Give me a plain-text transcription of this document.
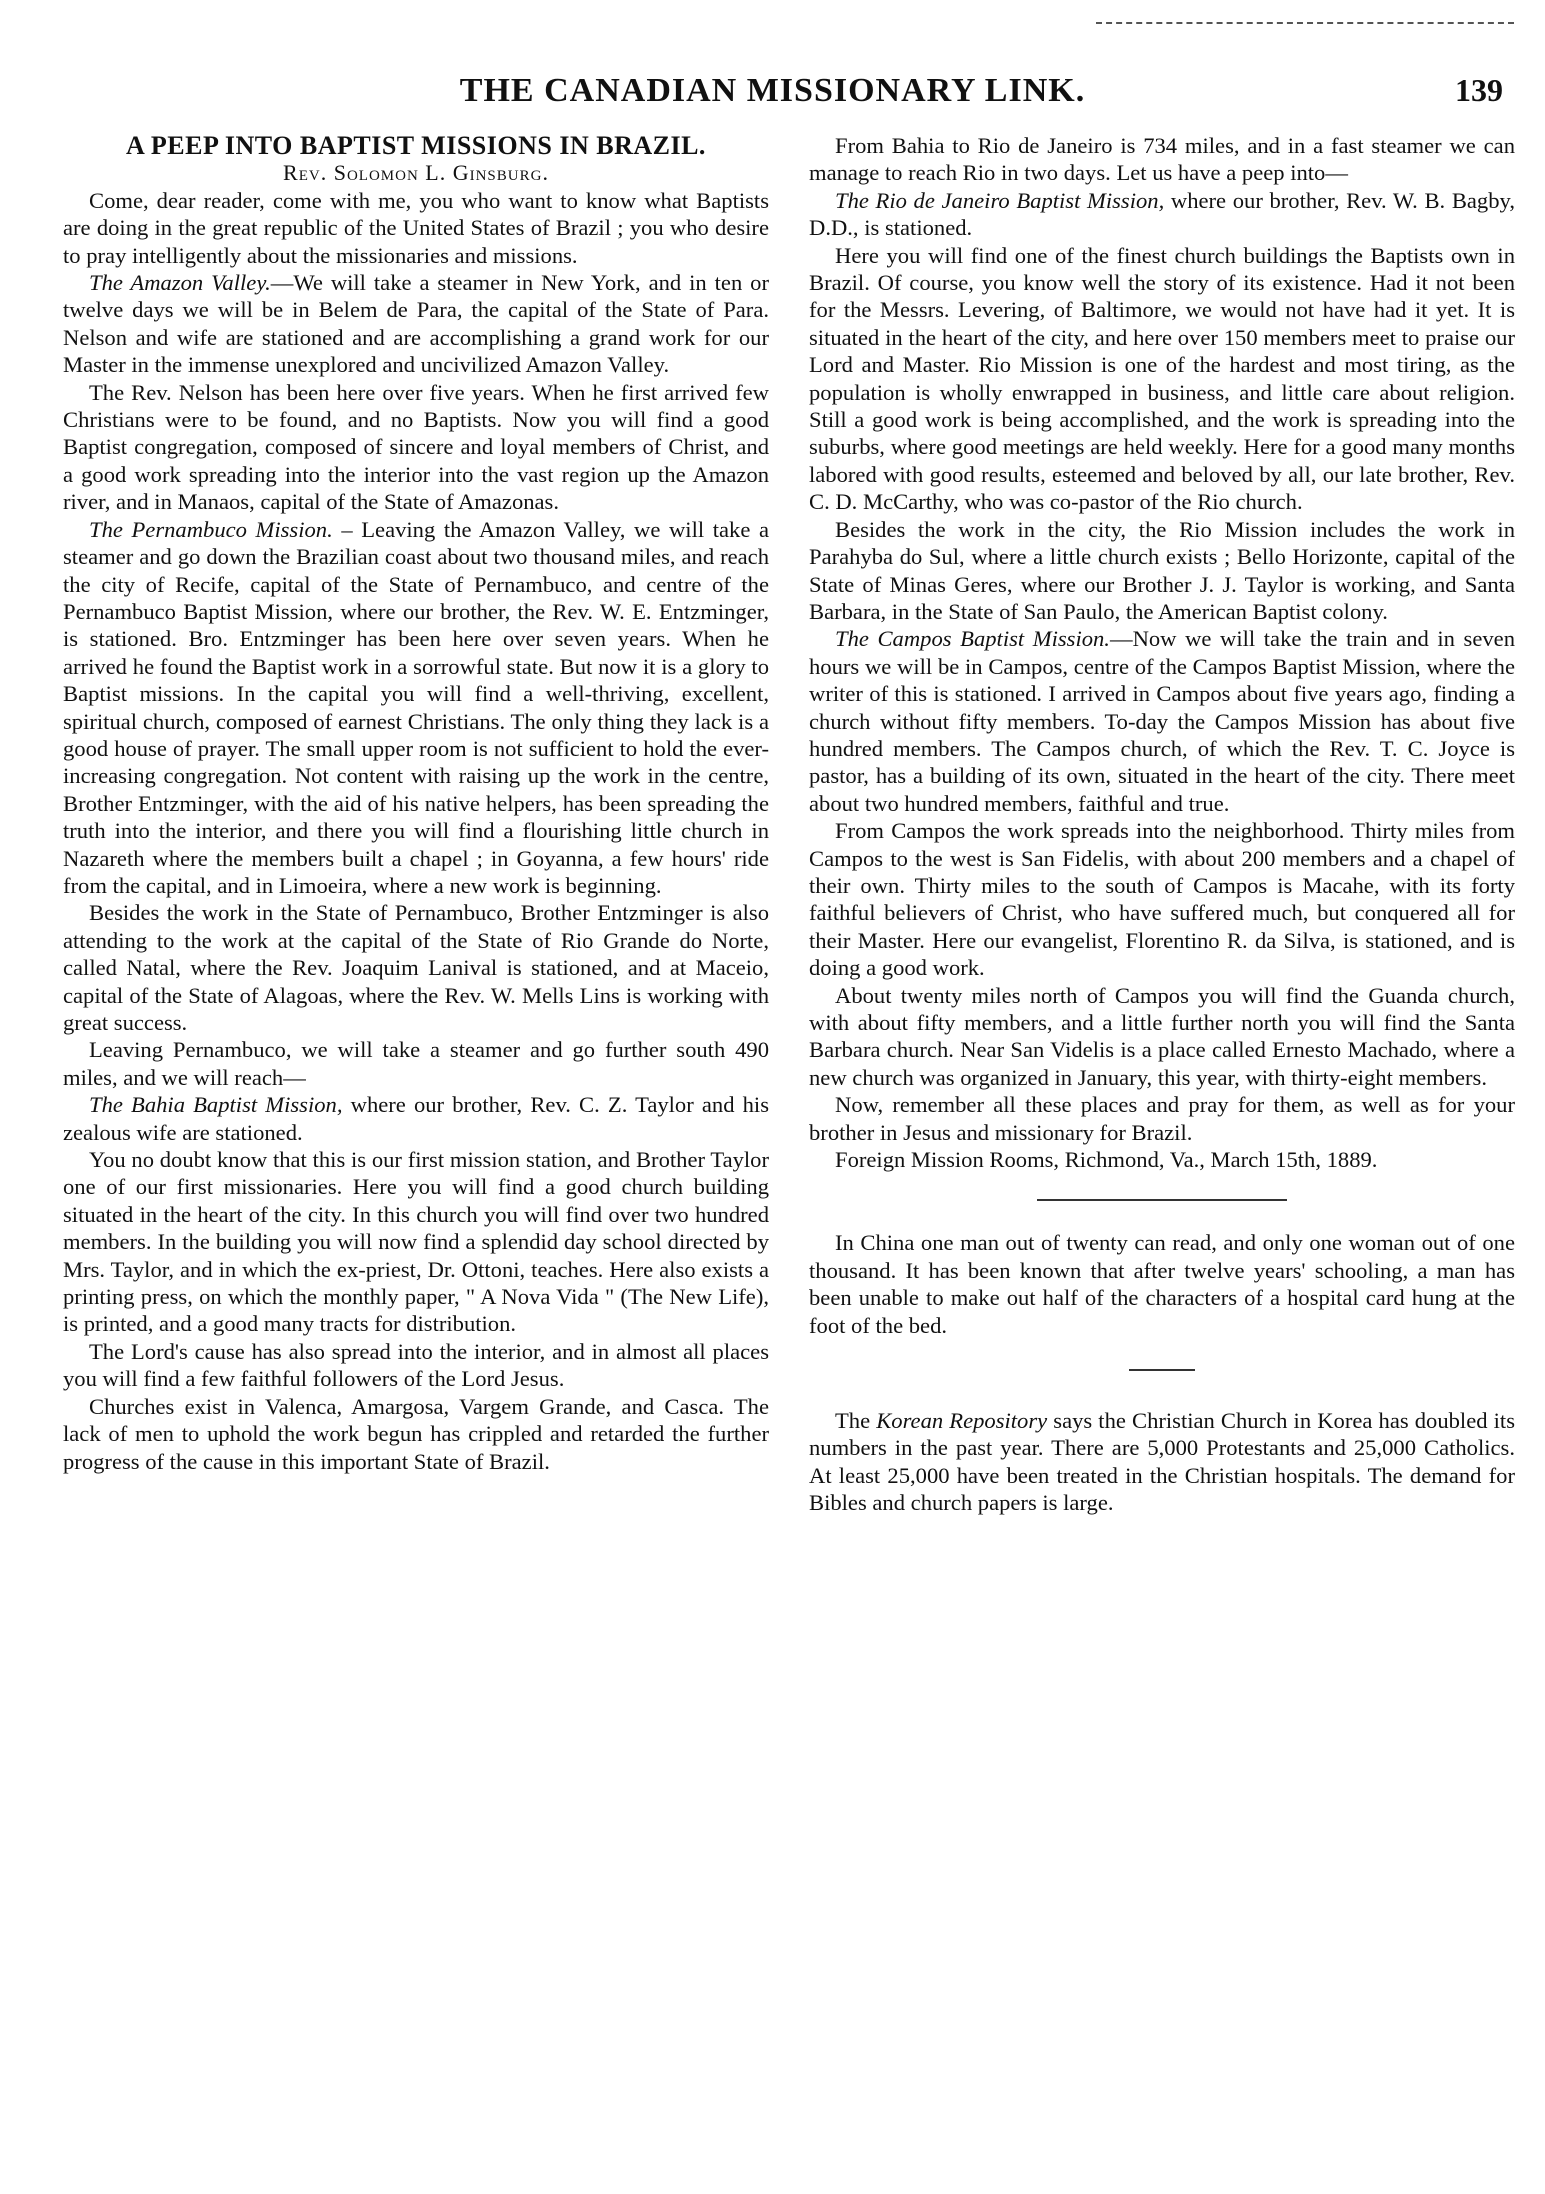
THE CANADIAN MISSIONARY LINK.	139

A PEEP INTO BAPTIST MISSIONS IN BRAZIL.

Rev. Solomon L. Ginsburg.

Come, dear reader, come with me, you who want to know what Baptists are doing in the great republic of the United States of Brazil ; you who desire to pray intelligently about the missionaries and missions.

The Amazon Valley.—We will take a steamer in New York, and in ten or twelve days we will be in Belem de Para, the capital of the State of Para. Nelson and wife are stationed and are accomplishing a grand work for our Master in the immense unexplored and uncivilized Amazon Valley.

The Rev. Nelson has been here over five years. When he first arrived few Christians were to be found, and no Baptists. Now you will find a good Baptist congregation, composed of sincere and loyal members of Christ, and a good work spreading into the interior into the vast region up the Amazon river, and in Manaos, capital of the State of Amazonas.

The Pernambuco Mission. – Leaving the Amazon Valley, we will take a steamer and go down the Brazilian coast about two thousand miles, and reach the city of Recife, capital of the State of Pernambuco, and centre of the Pernambuco Baptist Mission, where our brother, the Rev. W. E. Entzminger, is stationed. Bro. Entzminger has been here over seven years. When he arrived he found the Baptist work in a sorrowful state. But now it is a glory to Baptist missions. In the capital you will find a well-thriving, excellent, spiritual church, composed of earnest Christians. The only thing they lack is a good house of prayer. The small upper room is not sufficient to hold the ever-increasing congregation. Not content with raising up the work in the centre, Brother Entzminger, with the aid of his native helpers, has been spreading the truth into the interior, and there you will find a flourishing little church in Nazareth where the members built a chapel ; in Goyanna, a few hours' ride from the capital, and in Limoeira, where a new work is beginning.

Besides the work in the State of Pernambuco, Brother Entzminger is also attending to the work at the capital of the State of Rio Grande do Norte, called Natal, where the Rev. Joaquim Lanival is stationed, and at Maceio, capital of the State of Alagoas, where the Rev. W. Mells Lins is working with great success.

Leaving Pernambuco, we will take a steamer and go further south 490 miles, and we will reach—

The Bahia Baptist Mission, where our brother, Rev. C. Z. Taylor and his zealous wife are stationed.

You no doubt know that this is our first mission station, and Brother Taylor one of our first missionaries. Here you will find a good church building situated in the heart of the city. In this church you will find over two hundred members. In the building you will now find a splendid day school directed by Mrs. Taylor, and in which the ex-priest, Dr. Ottoni, teaches. Here also exists a printing press, on which the monthly paper, " A Nova Vida " (The New Life), is printed, and a good many tracts for distribution.

The Lord's cause has also spread into the interior, and in almost all places you will find a few faithful followers of the Lord Jesus.

Churches exist in Valenca, Amargosa, Vargem Grande, and Casca. The lack of men to uphold the work begun has crippled and retarded the further progress of the cause in this important State of Brazil.

From Bahia to Rio de Janeiro is 734 miles, and in a fast steamer we can manage to reach Rio in two days. Let us have a peep into—

The Rio de Janeiro Baptist Mission, where our brother, Rev. W. B. Bagby, D.D., is stationed.

Here you will find one of the finest church buildings the Baptists own in Brazil. Of course, you know well the story of its existence. Had it not been for the Messrs. Levering, of Baltimore, we would not have had it yet. It is situated in the heart of the city, and here over 150 members meet to praise our Lord and Master. Rio Mission is one of the hardest and most tiring, as the population is wholly enwrapped in business, and little care about religion. Still a good work is being accomplished, and the work is spreading into the suburbs, where good meetings are held weekly. Here for a good many months labored with good results, esteemed and beloved by all, our late brother, Rev. C. D. McCarthy, who was co-pastor of the Rio church.

Besides the work in the city, the Rio Mission includes the work in Parahyba do Sul, where a little church exists ; Bello Horizonte, capital of the State of Minas Geres, where our Brother J. J. Taylor is working, and Santa Barbara, in the State of San Paulo, the American Baptist colony.

The Campos Baptist Mission.—Now we will take the train and in seven hours we will be in Campos, centre of the Campos Baptist Mission, where the writer of this is stationed. I arrived in Campos about five years ago, finding a church without fifty members. To-day the Campos Mission has about five hundred members. The Campos church, of which the Rev. T. C. Joyce is pastor, has a building of its own, situated in the heart of the city. There meet about two hundred members, faithful and true.

From Campos the work spreads into the neighborhood. Thirty miles from Campos to the west is San Fidelis, with about 200 members and a chapel of their own. Thirty miles to the south of Campos is Macahe, with its forty faithful believers of Christ, who have suffered much, but conquered all for their Master. Here our evangelist, Florentino R. da Silva, is stationed, and is doing a good work.

About twenty miles north of Campos you will find the Guanda church, with about fifty members, and a little further north you will find the Santa Barbara church. Near San Videlis is a place called Ernesto Machado, where a new church was organized in January, this year, with thirty-eight members.

Now, remember all these places and pray for them, as well as for your brother in Jesus and missionary for Brazil.

Foreign Mission Rooms, Richmond, Va., March 15th, 1889.

In China one man out of twenty can read, and only one woman out of one thousand. It has been known that after twelve years' schooling, a man has been unable to make out half of the characters of a hospital card hung at the foot of the bed.

The Korean Repository says the Christian Church in Korea has doubled its numbers in the past year. There are 5,000 Protestants and 25,000 Catholics. At least 25,000 have been treated in the Christian hospitals. The demand for Bibles and church papers is large.
